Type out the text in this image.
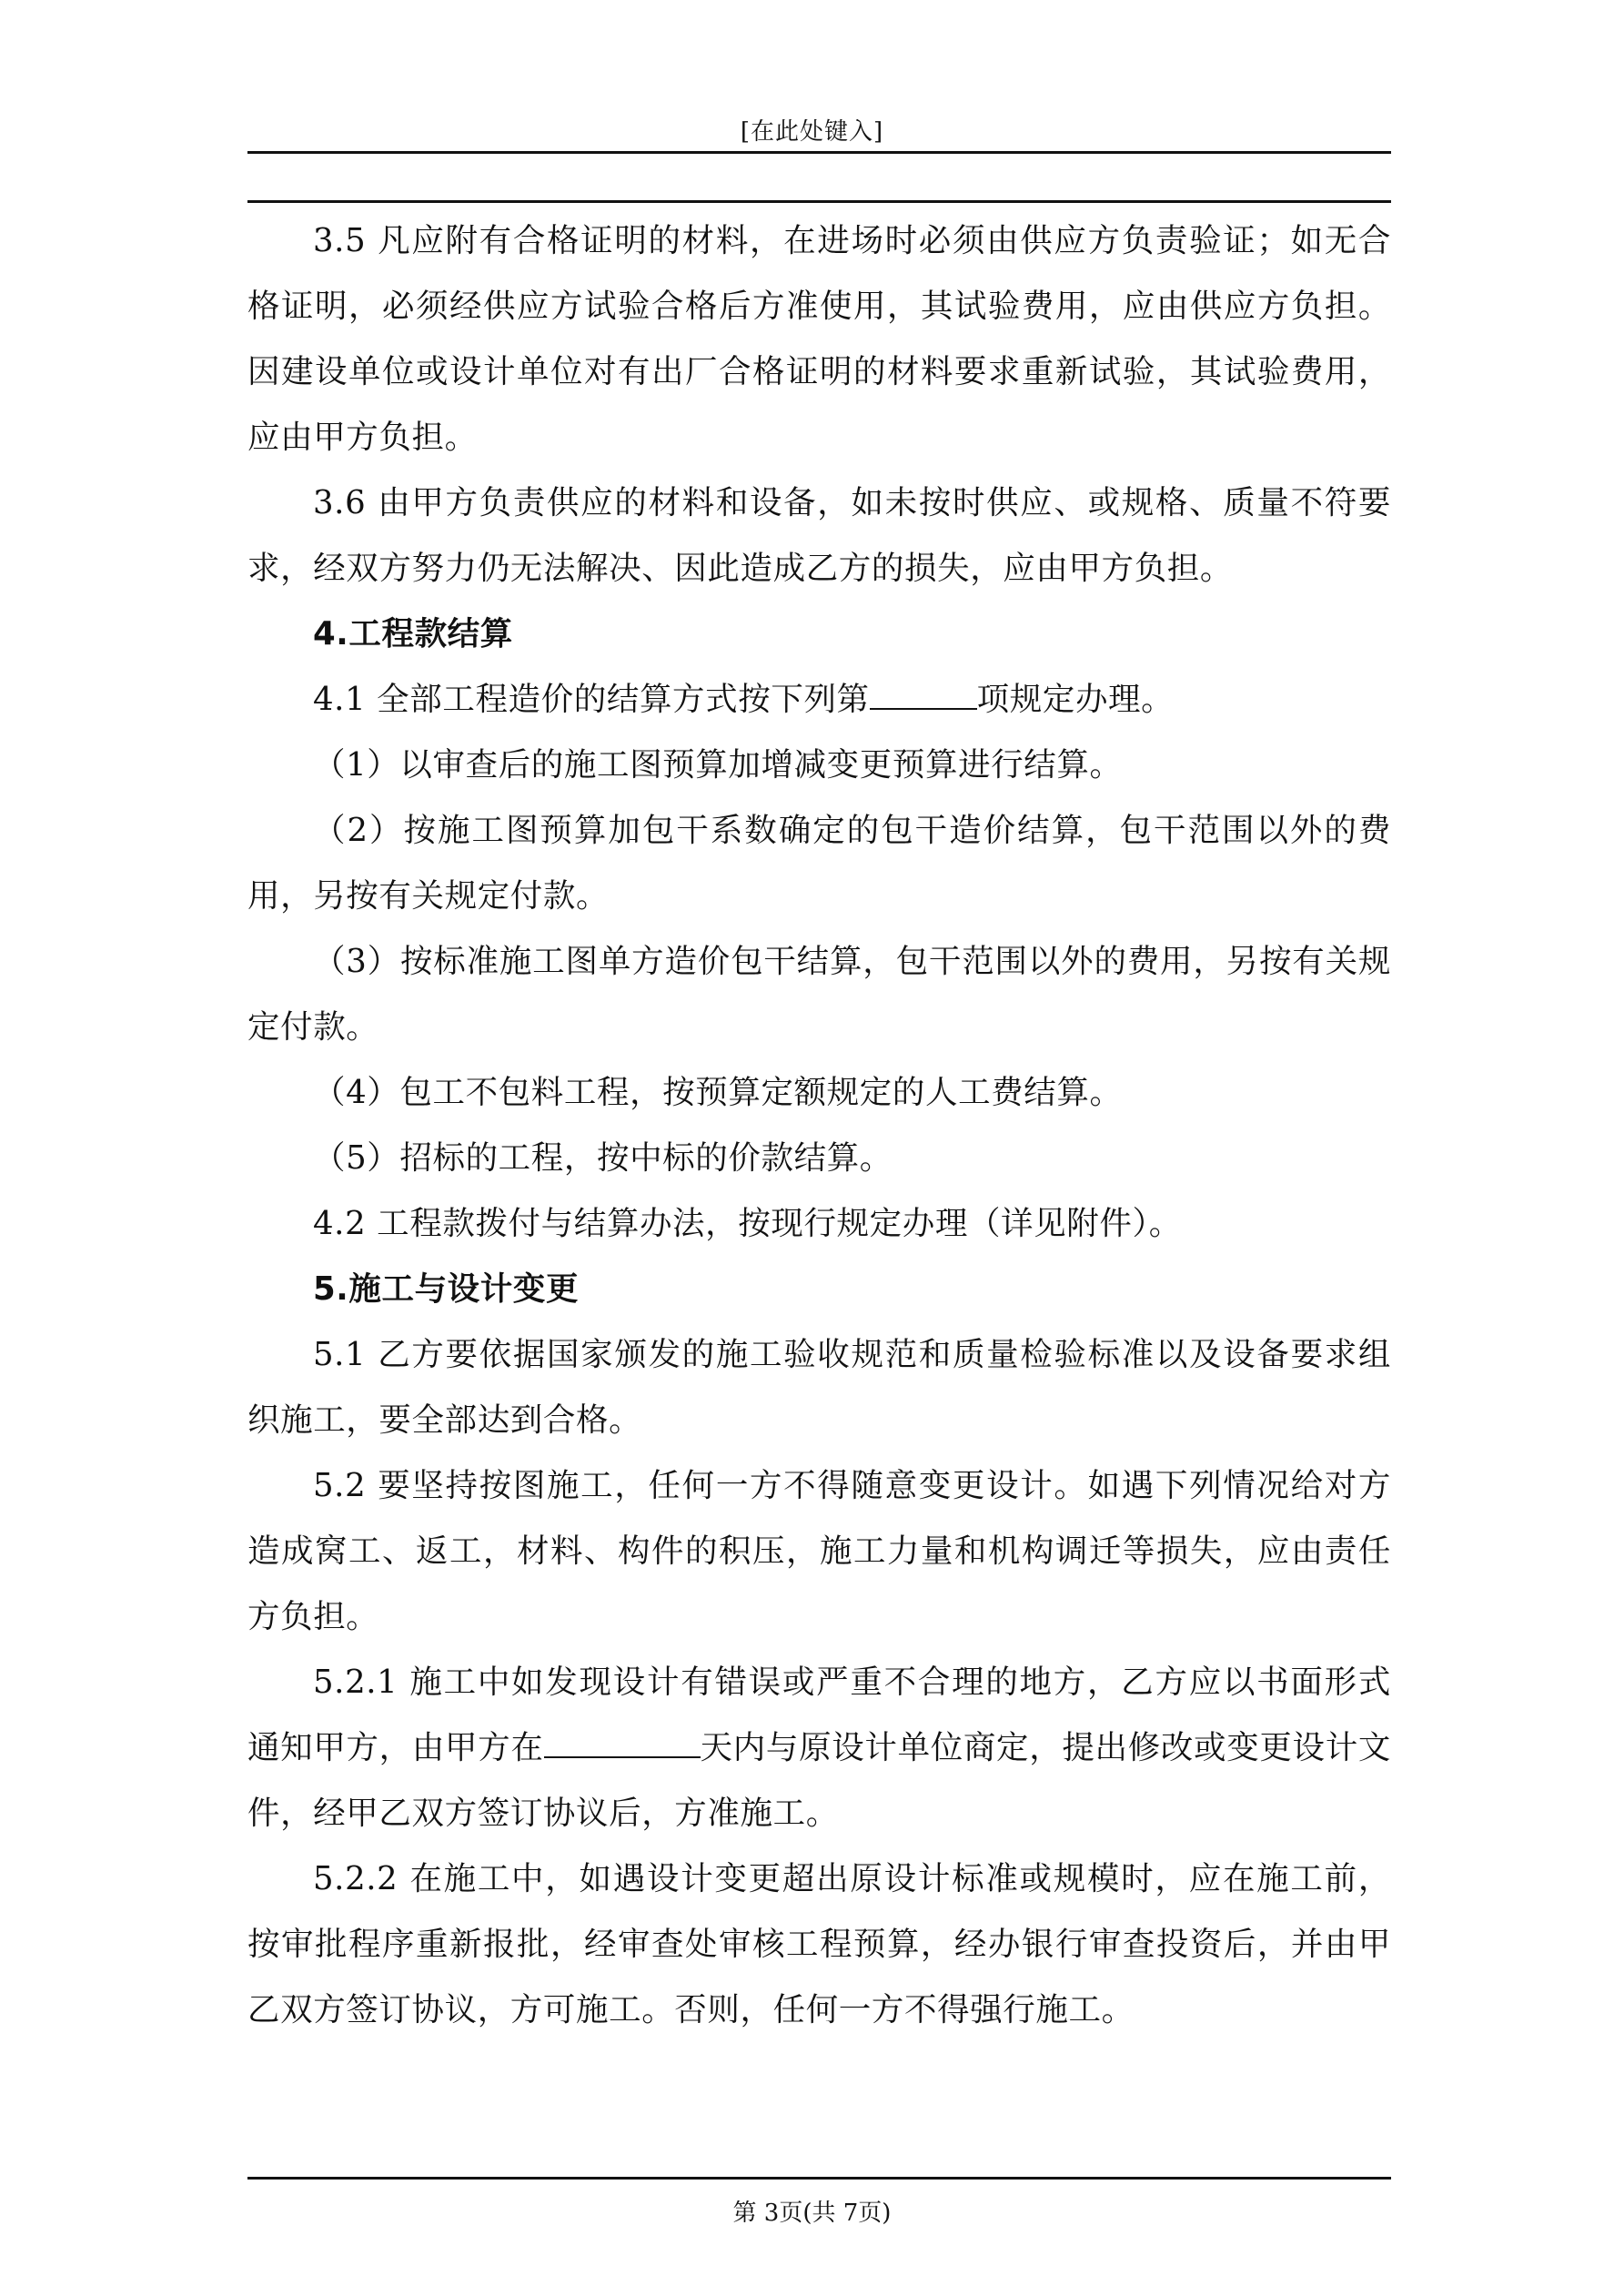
[在此处键入]

3.5 凡应附有合格证明的材料，在进场时必须由供应方负责验证；如无合格证明，必须经供应方试验合格后方准使用，其试验费用，应由供应方负担。因建设单位或设计单位对有出厂合格证明的材料要求重新试验，其试验费用，应由甲方负担。

3.6 由甲方负责供应的材料和设备，如未按时供应、或规格、质量不符要求，经双方努力仍无法解决、因此造成乙方的损失，应由甲方负担。

4.工程款结算

4.1 全部工程造价的结算方式按下列第	项规定办理。

（1）以审查后的施工图预算加增减变更预算进行结算。

（2）按施工图预算加包干系数确定的包干造价结算，包干范围以外的费用，另按有关规定付款。

（3）按标准施工图单方造价包干结算，包干范围以外的费用，另按有关规定付款。

（4）包工不包料工程，按预算定额规定的人工费结算。

（5）招标的工程，按中标的价款结算。

4.2 工程款拨付与结算办法，按现行规定办理（详见附件）。

5.施工与设计变更

5.1 乙方要依据国家颁发的施工验收规范和质量检验标准以及设备要求组织施工，要全部达到合格。

5.2 要坚持按图施工，任何一方不得随意变更设计。如遇下列情况给对方造成窝工、返工，材料、构件的积压，施工力量和机构调迁等损失，应由责任方负担。

5.2.1 施工中如发现设计有错误或严重不合理的地方，乙方应以书面形式通知甲方，由甲方在	天内与原设计单位商定，提出修改或变更设计文件，经甲乙双方签订协议后，方准施工。

5.2.2 在施工中，如遇设计变更超出原设计标准或规模时，应在施工前，按审批程序重新报批，经审查处审核工程预算，经办银行审查投资后，并由甲乙双方签订协议，方可施工。否则，任何一方不得强行施工。

第 3页(共 7页)
